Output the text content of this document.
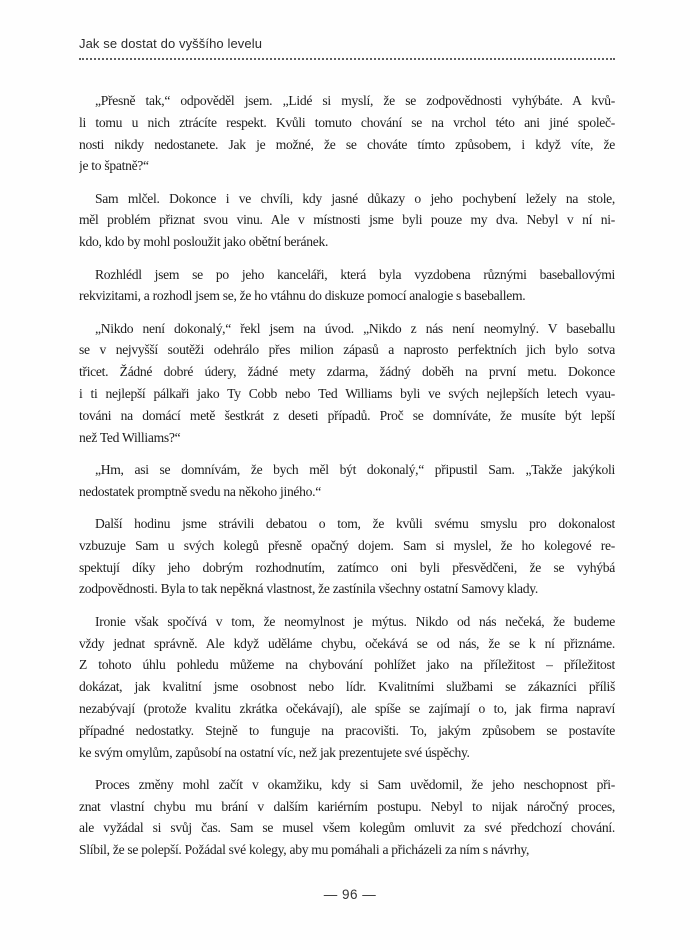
Jak se dostat do vyššího levelu

„Přesně tak,“ odpověděl jsem. „Lidé si myslí, že se zodpovědnosti vyhýbáte. A kvů-
li tomu u nich ztrácíte respekt. Kvůli tomuto chování se na vrchol této ani jiné společ-
nosti nikdy nedostanete. Jak je možné, že se chováte tímto způsobem, i když víte, že
je to špatně?“

Sam mlčel. Dokonce i ve chvíli, kdy jasné důkazy o jeho pochybení ležely na stole,
měl problém přiznat svou vinu. Ale v místnosti jsme byli pouze my dva. Nebyl v ní ni-
kdo, kdo by mohl posloužit jako obětní beránek.

Rozhlédl jsem se po jeho kanceláři, která byla vyzdobena různými baseballovými
rekvizitami, a rozhodl jsem se, že ho vtáhnu do diskuze pomocí analogie s baseballem.

„Nikdo není dokonalý,“ řekl jsem na úvod. „Nikdo z nás není neomylný. V baseballu
se v nejvyšší soutěži odehrálo přes milion zápasů a naprosto perfektních jich bylo sotva
třicet. Žádné dobré údery, žádné mety zdarma, žádný doběh na první metu. Dokonce
i ti nejlepší pálkaři jako Ty Cobb nebo Ted Williams byli ve svých nejlepších letech vyau-
továni na domácí metě šestkrát z deseti případů. Proč se domníváte, že musíte být lepší
než Ted Williams?“

„Hm, asi se domnívám, že bych měl být dokonalý,“ připustil Sam. „Takže jakýkoli
nedostatek promptně svedu na někoho jiného.“

Další hodinu jsme strávili debatou o tom, že kvůli svému smyslu pro dokonalost
vzbuzuje Sam u svých kolegů přesně opačný dojem. Sam si myslel, že ho kolegové re-
spektují díky jeho dobrým rozhodnutím, zatímco oni byli přesvědčeni, že se vyhýbá
zodpovědnosti. Byla to tak nepěkná vlastnost, že zastínila všechny ostatní Samovy klady.

Ironie však spočívá v tom, že neomylnost je mýtus. Nikdo od nás nečeká, že budeme
vždy jednat správně. Ale když uděláme chybu, očekává se od nás, že se k ní přiznáme.
Z tohoto úhlu pohledu můžeme na chybování pohlížet jako na příležitost – příležitost
dokázat, jak kvalitní jsme osobnost nebo lídr. Kvalitními službami se zákazníci příliš
nezabývají (protože kvalitu zkrátka očekávají), ale spíše se zajímají o to, jak firma napraví
případné nedostatky. Stejně to funguje na pracovišti. To, jakým způsobem se postavíte
ke svým omylům, zapůsobí na ostatní víc, než jak prezentujete své úspěchy.

Proces změny mohl začít v okamžiku, kdy si Sam uvědomil, že jeho neschopnost při-
znat vlastní chybu mu brání v dalším kariérním postupu. Nebyl to nijak náročný proces,
ale vyžádal si svůj čas. Sam se musel všem kolegům omluvit za své předchozí chování.
Slíbil, že se polepší. Požádal své kolegy, aby mu pomáhali a přicházeli za ním s návrhy,

— 96 —
